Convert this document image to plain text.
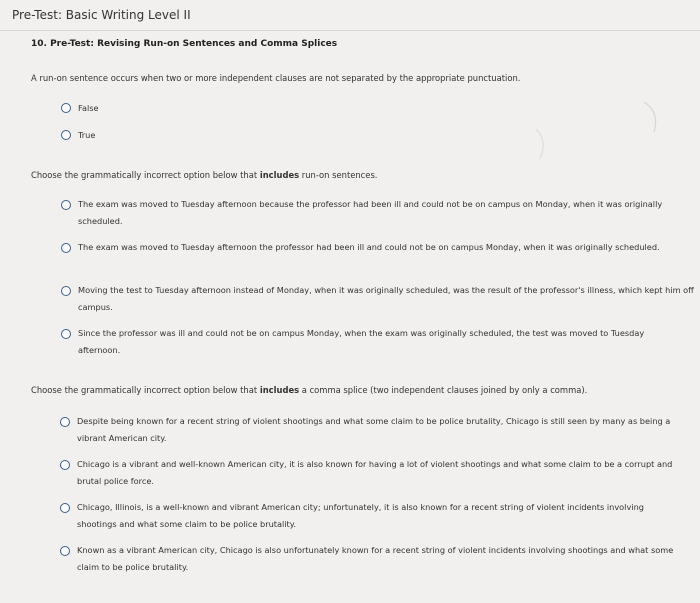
Pre-Test: Basic Writing Level II
10. Pre-Test: Revising Run-on Sentences and Comma Splices
A run-on sentence occurs when two or more independent clauses are not separated by the appropriate punctuation.
False
True
Choose the grammatically incorrect option below that includes run-on sentences.
The exam was moved to Tuesday afternoon because the professor had been ill and could not be on campus on Monday, when it was originally scheduled.
The exam was moved to Tuesday afternoon the professor had been ill and could not be on campus Monday, when it was originally scheduled.
Moving the test to Tuesday afternoon instead of Monday, when it was originally scheduled, was the result of the professor's illness, which kept him off campus.
Since the professor was ill and could not be on campus Monday, when the exam was originally scheduled, the test was moved to Tuesday afternoon.
Choose the grammatically incorrect option below that includes a comma splice (two independent clauses joined by only a comma).
Despite being known for a recent string of violent shootings and what some claim to be police brutality, Chicago is still seen by many as being a vibrant American city.
Chicago is a vibrant and well-known American city, it is also known for having a lot of violent shootings and what some claim to be a corrupt and brutal police force.
Chicago, Illinois, is a well-known and vibrant American city; unfortunately, it is also known for a recent string of violent incidents involving shootings and what some claim to be police brutality.
Known as a vibrant American city, Chicago is also unfortunately known for a recent string of violent incidents involving shootings and what some claim to be police brutality.
